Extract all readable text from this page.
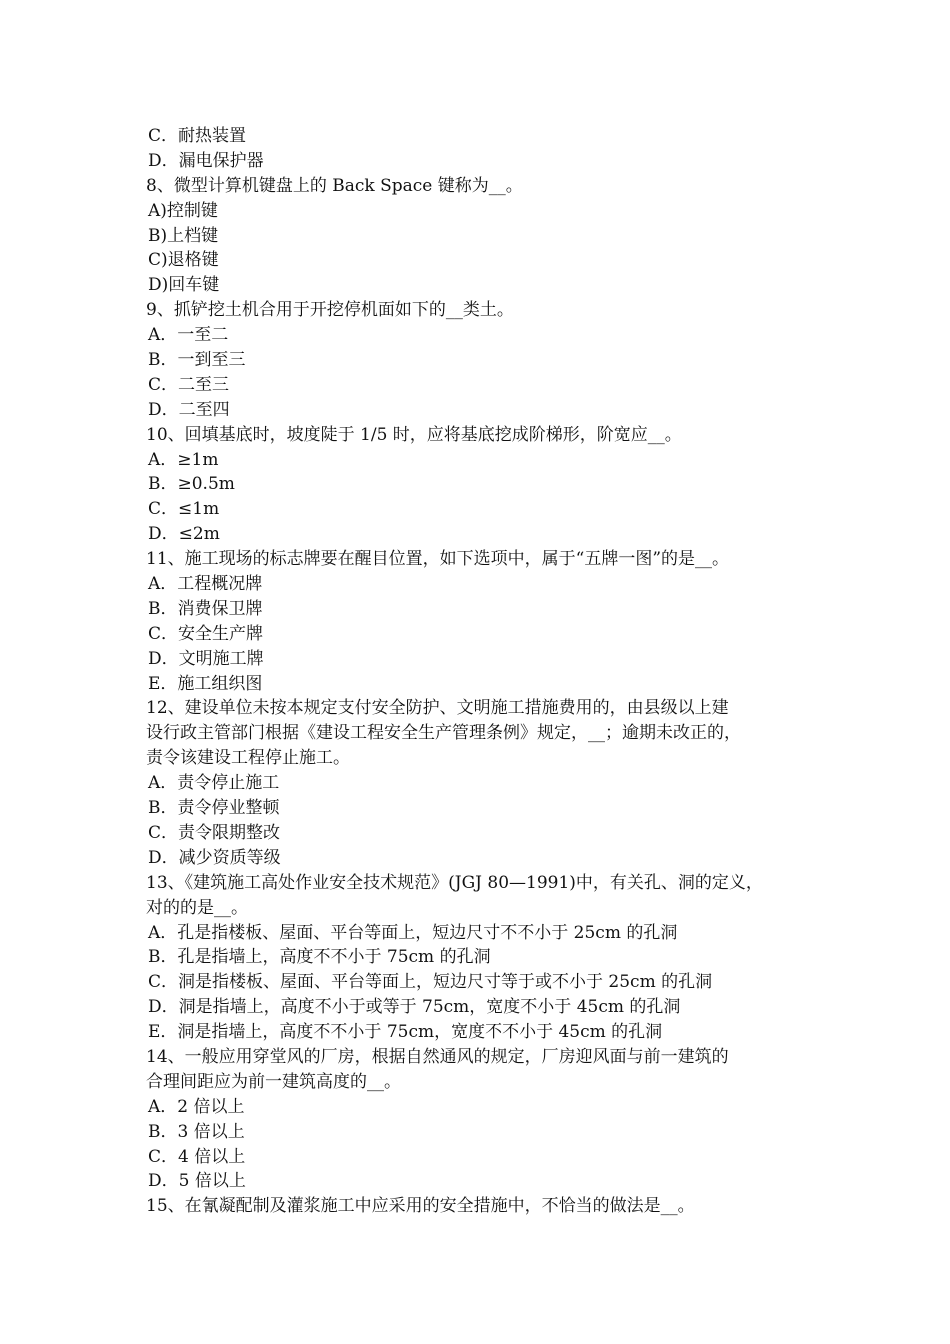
C．耐热装置
D．漏电保护器
8、微型计算机键盘上的 Back Space 键称为__。
A)控制键
B)上档键
C)退格键
D)回车键
9、抓铲挖土机合用于开挖停机面如下的__类土。
A．一至二
B．一到至三
C．二至三
D．二至四
10、回填基底时，坡度陡于 1/5 时，应将基底挖成阶梯形，阶宽应__。
A．≥1m
B．≥0.5m
C．≤1m
D．≤2m
11、施工现场的标志牌要在醒目位置，如下选项中，属于“五牌一图”的是__。
A．工程概况牌
B．消费保卫牌
C．安全生产牌
D．文明施工牌
E．施工组织图
12、建设单位未按本规定支付安全防护、文明施工措施费用的，由县级以上建
设行政主管部门根据《建设工程安全生产管理条例》规定，__；逾期未改正的，
责令该建设工程停止施工。
A．责令停止施工
B．责令停业整顿
C．责令限期整改
D．减少资质等级
13、《建筑施工高处作业安全技术规范》(JGJ 80—1991)中，有关孔、洞的定义，
对的的是__。
A．孔是指楼板、屋面、平台等面上，短边尺寸不不小于 25cm 的孔洞
B．孔是指墙上，高度不不小于 75cm 的孔洞
C．洞是指楼板、屋面、平台等面上，短边尺寸等于或不小于 25cm 的孔洞
D．洞是指墙上，高度不小于或等于 75cm，宽度不小于 45cm 的孔洞
E．洞是指墙上，高度不不小于 75cm，宽度不不小于 45cm 的孔洞
14、一般应用穿堂风的厂房，根据自然通风的规定，厂房迎风面与前一建筑的
合理间距应为前一建筑高度的__。
A．2 倍以上
B．3 倍以上
C．4 倍以上
D．5 倍以上
15、在氰凝配制及灌浆施工中应采用的安全措施中，不恰当的做法是__。
